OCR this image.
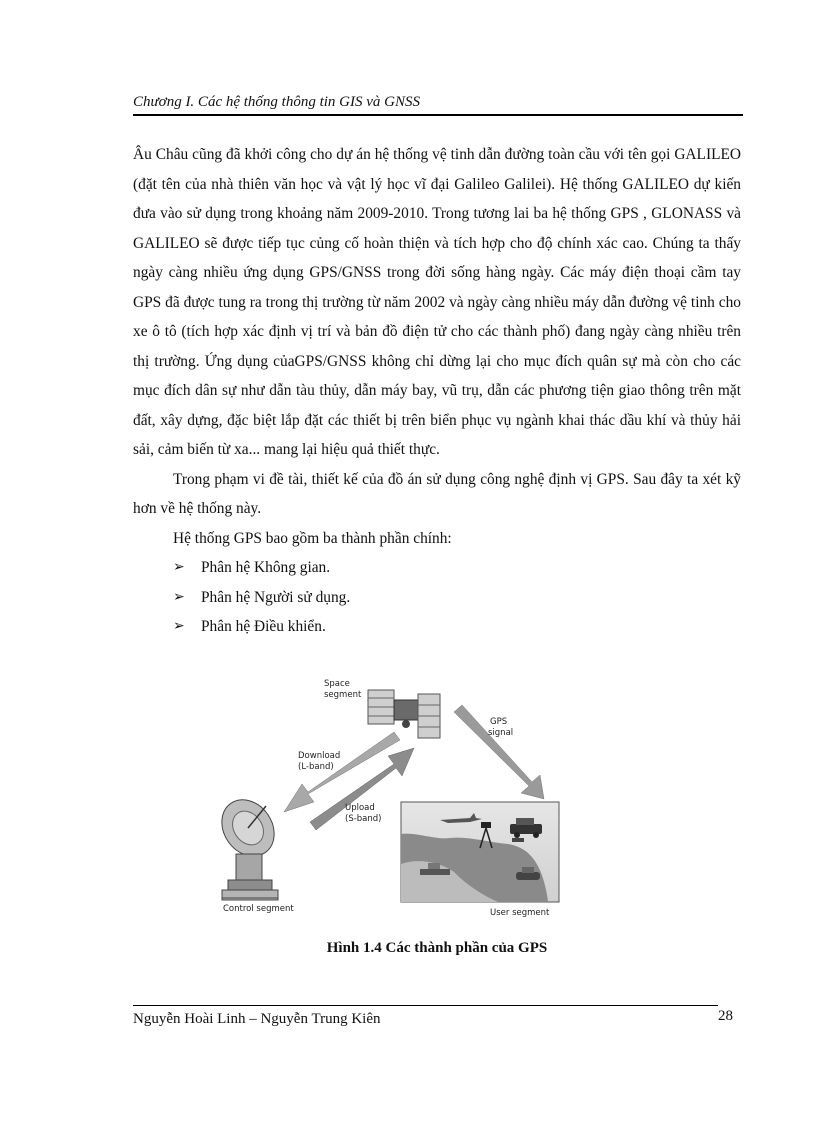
Chương I. Các hệ thống thông tin GIS và GNSS

Âu Châu cũng đã khởi công cho dự án hệ thống vệ tinh dẫn đường toàn cầu với tên gọi GALILEO (đặt tên của nhà thiên văn học và vật lý học vĩ đại Galileo Galilei). Hệ thống GALILEO dự kiến đưa vào sử dụng trong khoảng năm 2009-2010. Trong tương lai ba hệ thống GPS , GLONASS và GALILEO sẽ được tiếp tục củng cố hoàn thiện và tích hợp cho độ chính xác cao. Chúng ta thấy ngày càng nhiều ứng dụng GPS/GNSS trong đời sống hàng ngày. Các máy điện thoại cầm tay GPS đã được tung ra trong thị trường từ năm 2002 và ngày càng nhiều máy dẫn đường vệ tinh cho xe ô tô (tích hợp xác định vị trí và bản đồ điện tử cho các thành phố) đang ngày càng nhiều trên thị trường. Ứng dụng củaGPS/GNSS không chỉ dừng lại cho mục đích quân sự mà còn cho các mục đích dân sự như dẫn tàu thủy, dẫn máy bay, vũ trụ, dẫn các phương tiện giao thông trên mặt đất, xây dựng, đặc biệt lắp đặt các thiết bị trên biển phục vụ ngành khai thác dầu khí và thủy hải sải, cảm biến từ xa... mang lại hiệu quả thiết thực.

Trong phạm vi đề tài, thiết kế của đồ án sử dụng công nghệ định vị GPS. Sau đây ta xét kỹ hơn về hệ thống này.

Hệ thống GPS bao gồm ba thành phần chính:

➢	Phân hệ Không gian.
➢	Phân hệ Người sử dụng.
➢	Phân hệ Điều khiển.
Space
segment
GPS
signal
Download
(L-band)
Upload
(S-band)
Control segment	User segment
Hình 1.4 Các thành phần của GPS
Nguyễn Hoài Linh – Nguyễn Trung Kiên	28
